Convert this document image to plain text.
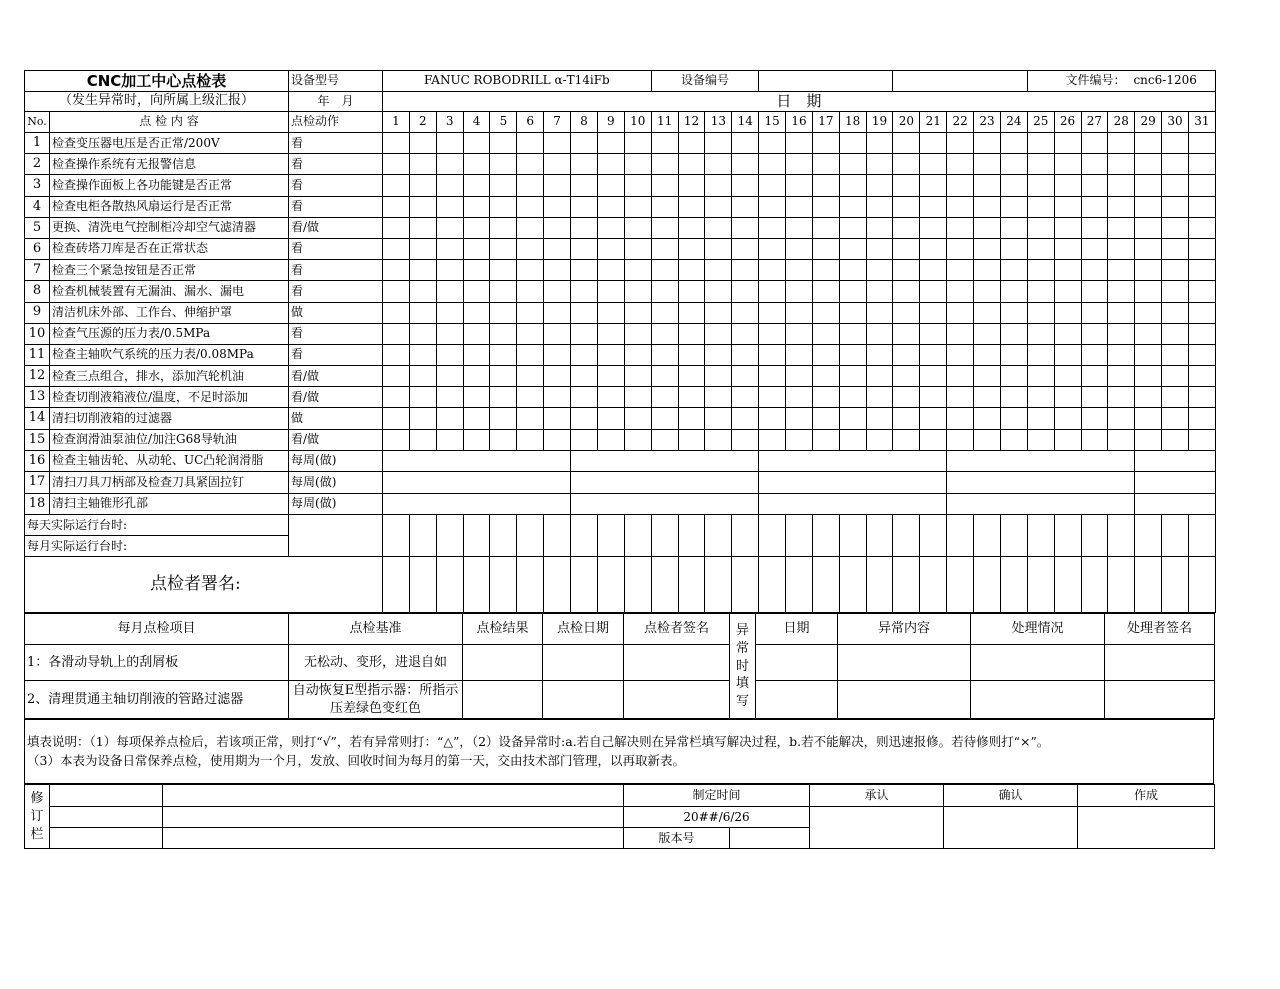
CNC加工中心点检表		设备型号	FANUC ROBODRILL α-T14iFb										设备编号														文件编号： cnc6-1206						
（发生异常时，向所属上级汇报）		年　月	日　期																														
No.	点 检 内 容	点检动作	1	2	3	4	5	6	7	8	9	10	11	12	13	14	15	16	17	18	19	20	21	22	23	24	25	26	27	28	29	30	31
1	检查变压器电压是否正常/200V	看																															
2	检查操作系统有无报警信息	看																															
3	检查操作面板上各功能键是否正常	看																															
4	检查电柜各散热风扇运行是否正常	看																															
5	更换、清洗电气控制柜冷却空气滤清器	看/做																															
6	检查砖塔刀库是否在正常状态	看																															
7	检查三个紧急按钮是否正常	看																															
8	检查机械装置有无漏油、漏水、漏电	看																															
9	清洁机床外部、工作台、伸缩护罩	做																															
10	检查气压源的压力表/0.5MPa	看																															
11	检查主轴吹气系统的压力表/0.08MPa	看																															
12	检查三点组合，排水，添加汽轮机油	看/做																															
13	检查切削液箱液位/温度，不足时添加	看/做																															
14	清扫切削液箱的过滤器	做																															
15	检查润滑油泵油位/加注G68导轨油	看/做																															
16	检查主轴齿轮、从动轮、UC凸轮润滑脂	每周(做)																															
17	清扫刀具刀柄部及检查刀具紧固拉钉	每周(做)																															
18	清扫主轴锥形孔部	每周(做)																															
每天实际运行台时:																																	
每月实际运行台时:																																	
点检者署名:																																	
每月点检项目	点检基准	点检结果	点检日期	点检者签名	异常时填写	日期	异常内容	处理情况	处理者签名
1：各滑动导轨上的刮屑板	无松动、变形，进退自如								
2、清理贯通主轴切削液的管路过滤器	自动恢复E型指示器：所指示压差绿色变红色								
填表说明：（1）每项保养点检后，若该项正常，则打“√”，若有异常则打：“△”，（2）设备异常时:a.若自己解决则在异常栏填写解决过程，b.若不能解决，则迅速报修。若待修则打“×”。
（3）本表为设备日常保养点检，使用期为一个月，发放、回收时间为每月的第一天，交由技术部门管理，以再取新表。
修订栏			制定时间		承认	确认	作成
			20##/6/26				
			版本号				
